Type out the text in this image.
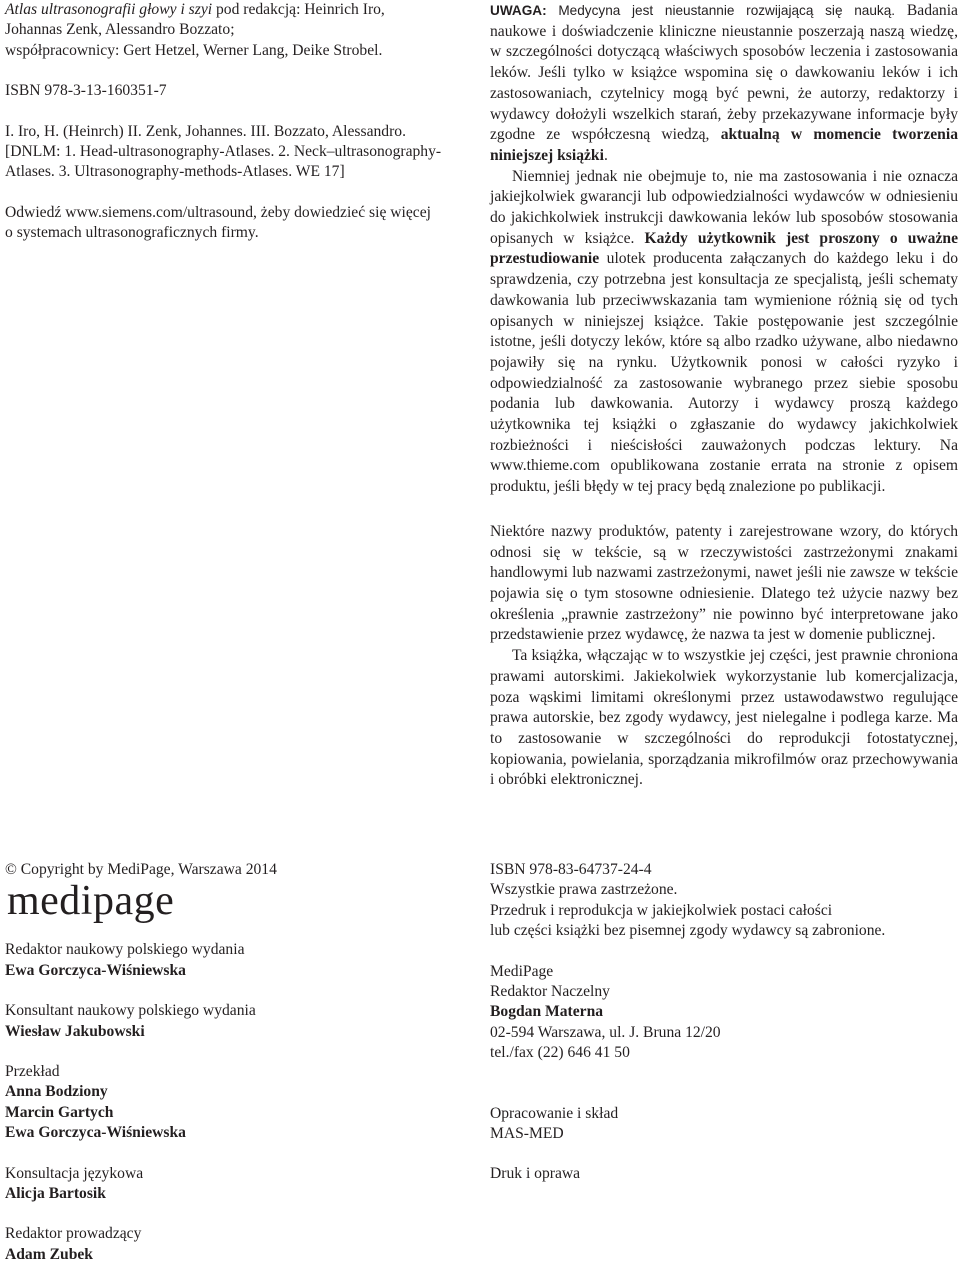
Atlas ultrasonografii głowy i szyi pod redakcją: Heinrich Iro,

Johannas Zenk, Alessandro Bozzato;

współpracownicy: Gert Hetzel, Werner Lang, Deike Strobel.

ISBN 978-3-13-160351-7

I. Iro, H. (Heinrch) II. Zenk, Johannes. III. Bozzato, Alessandro.

[DNLM: 1. Head-ultrasonography-Atlases. 2. Neck–ultrasonography-

Atlases. 3. Ultrasonography-methods-Atlases. WE 17]

Odwiedź www.siemens.com/ultrasound, żeby dowiedzieć się więcej

o systemach ultrasonograficznych firmy.

UWAGA: Medycyna jest nieustannie rozwijającą się nauką. Badania naukowe i doświadczenie kliniczne nieustannie poszerzają naszą wiedzę, w szczególności dotyczącą właściwych sposobów leczenia i zastosowania leków. Jeśli tylko w książce wspomina się o dawkowaniu leków i ich zastosowaniach, czytelnicy mogą być pewni, że autorzy, redaktorzy i wydawcy dołożyli wszelkich starań, żeby przekazywane informacje były zgodne ze współczesną wiedzą, aktualną w momencie tworzenia niniejszej książki.

Niemniej jednak nie obejmuje to, nie ma zastosowania i nie oznacza jakiejkolwiek gwarancji lub odpowiedzialności wydawców w odniesieniu do jakichkolwiek instrukcji dawkowania leków lub sposobów stosowania opisanych w książce. Każdy użytkownik jest proszony o uważne przestudiowanie ulotek producenta załączanych do każdego leku i do sprawdzenia, czy potrzebna jest konsultacja ze specjalistą, jeśli schematy dawkowania lub przeciwwskazania tam wymienione różnią się od tych opisanych w niniejszej książce. Takie postępowanie jest szczególnie istotne, jeśli dotyczy leków, które są albo rzadko używane, albo niedawno pojawiły się na rynku. Użytkownik ponosi w całości ryzyko i odpowiedzialność za zastosowanie wybranego przez siebie sposobu podania lub dawkowania. Autorzy i wydawcy proszą każdego użytkownika tej książki o zgłaszanie do wydawcy jakichkolwiek rozbieżności i nieścisłości zauważonych podczas lektury. Na www.thieme.com opublikowana zostanie errata na stronie z opisem produktu, jeśli błędy w tej pracy będą znalezione po publikacji.

Niektóre nazwy produktów, patenty i zarejestrowane wzory, do których odnosi się w tekście, są w rzeczywistości zastrzeżonymi znakami handlowymi lub nazwami zastrzeżonymi, nawet jeśli nie zawsze w tekście pojawia się o tym stosowne odniesienie. Dlatego też użycie nazwy bez określenia „prawnie zastrzeżony” nie powinno być interpretowane jako przedstawienie przez wydawcę, że nazwa ta jest w domenie publicznej.

Ta książka, włączając w to wszystkie jej części, jest prawnie chroniona prawami autorskimi. Jakiekolwiek wykorzystanie lub komercjalizacja, poza wąskimi limitami określonymi przez ustawodawstwo regulujące prawa autorskie, bez zgody wydawcy, jest nielegalne i podlega karze. Ma to zastosowanie w szczególności do reprodukcji fotostatycznej, kopiowania, powielania, sporządzania mikrofilmów oraz przechowywania i obróbki elektronicznej.

© Copyright by MediPage, Warszawa 2014

medipage

Redaktor naukowy polskiego wydania

Ewa Gorczyca-Wiśniewska

Konsultant naukowy polskiego wydania

Wiesław Jakubowski

Przekład

Anna Bodziony

Marcin Gartych

Ewa Gorczyca-Wiśniewska

Konsultacja językowa

Alicja Bartosik

Redaktor prowadzący

Adam Zubek

ISBN 978-83-64737-24-4

Wszystkie prawa zastrzeżone.

Przedruk i reprodukcja w jakiejkolwiek postaci całości

lub części książki bez pisemnej zgody wydawcy są zabronione.

MediPage

Redaktor Naczelny

Bogdan Materna

02-594 Warszawa, ul. J. Bruna 12/20

tel./fax (22) 646 41 50

Opracowanie i skład

MAS-MED

Druk i oprawa
